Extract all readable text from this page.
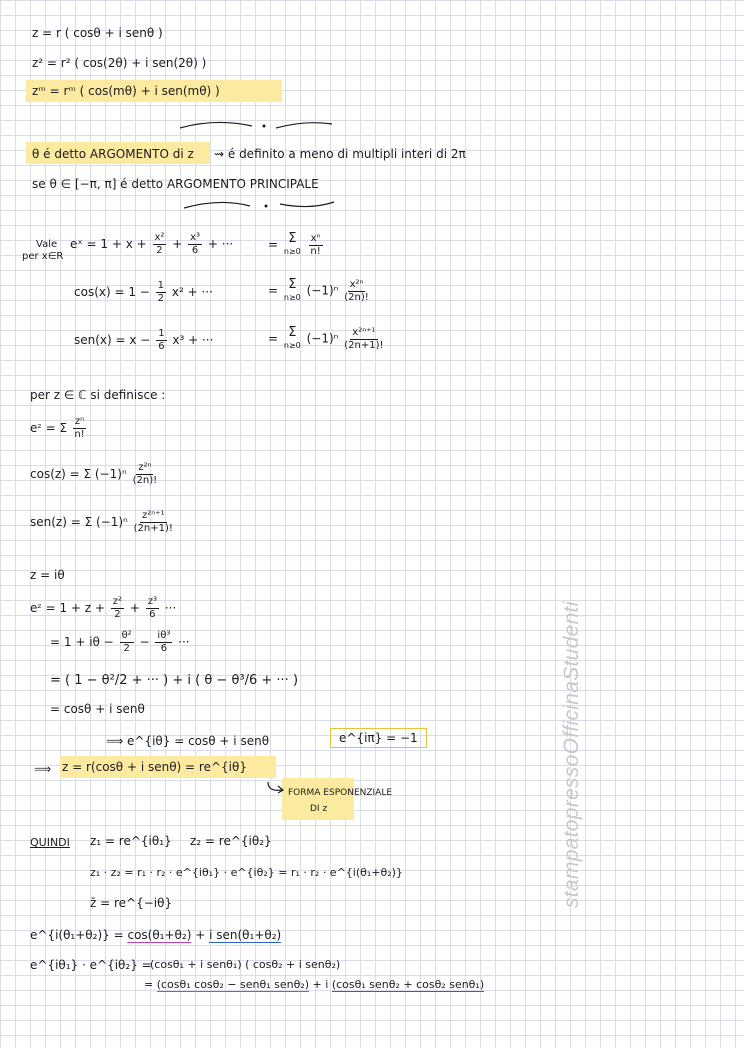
z = r ( cosθ + i senθ )
z² = r² ( cos(2θ) + i sen(2θ) )
zᵐ = rᵐ ( cos(mθ) + i sen(mθ) )
θ é detto ARGOMENTO di z ⇝ é definito a meno di multipli interi di 2π
se θ ∈ [−π, π] é detto ARGOMENTO PRINCIPALE
Vale
per x∈R
eˣ = $1 + x + \frac{\text{x²}}{2} + \frac{\text{x³}}{6}$ + ···	= Σ
n≥0
$\frac{\text{xⁿ}}{n!}$
$\cos(x) = 1 - \frac{1}{2} x^2$ + ···	= Σ
n≥0 $(-1)^n \frac{\text{x²ⁿ}}{(2n)!}$
$sen(x) = x - \frac{1}{6} x^3$ + ···	= Σ
n≥0 $(-1)^n \frac{\text{x²ⁿ⁺¹}}{(2n+1)!}$
per z ∈ ℂ si definisce :
eᶻ = Σ $\frac{\text{zⁿ}}{n!}$
cos(z) = Σ $(-1)^n \frac{\text{z²ⁿ}}{(2n)!}$
sen(z) = Σ $(-1)^n \frac{\text{z²ⁿ⁺¹}}{(2n+1)!}$
z = iθ
eᶻ = $1 + z + \frac{\text{z²}}{2} + \frac{\text{z³}}{6}$ ···
= $1 + i\theta - \frac{\text{θ²}}{2} - \frac{\text{iθ³}}{6}$ ···
= ( 1 − θ²/2 + ··· ) + i ( θ − θ³/6 + ··· )
= cosθ + i senθ
⟹ e^{iθ} = cosθ + i senθ	e^{iπ} = −1
⟹ z = r(cosθ + i senθ) = re^{iθ}
FORMA ESPONENZIALE
DI z
QUINDI z₁ = re^{iθ₁} z₂ = re^{iθ₂}
z₁ · z₂ = r₁ · r₂ · e^{iθ₁} · e^{iθ₂} = r₁ · r₂ · e^{i(θ₁+θ₂)}
z̄ = re^{−iθ}
e^{i(θ₁+θ₂)} = cos(θ₁+θ₂) + i sen(θ₁+θ₂)
e^{iθ₁} · e^{iθ₂} =
(cosθ₁ + i senθ₁) ( cosθ₂ + i senθ₂)
= (cosθ₁ cosθ₂ − senθ₁ senθ₂) + i (cosθ₁ senθ₂ + cosθ₂ senθ₁)
stampatopressoOfficinaStudenti
